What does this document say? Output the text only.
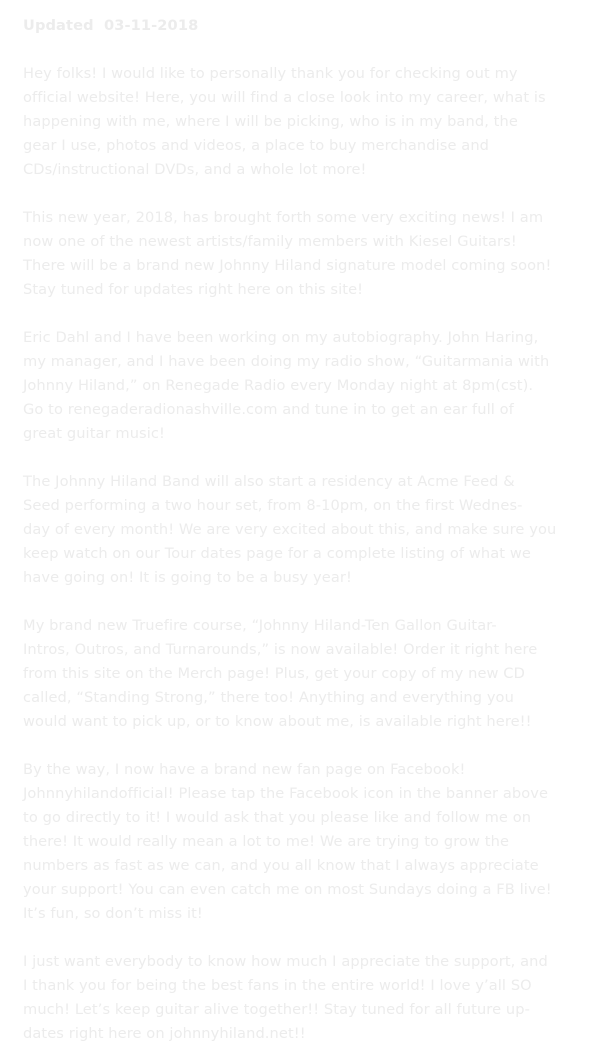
Updated  03-11-2018
Hey folks! I would like to personally thank you for checking out my
official website! Here, you will find a close look into my career, what is
happening with me, where I will be picking, who is in my band, the
gear I use, photos and videos, a place to buy merchandise and
CDs/instructional DVDs, and a whole lot more!
This new year, 2018, has brought forth some very exciting news! I am
now one of the newest artists/family members with Kiesel Guitars!
There will be a brand new Johnny Hiland signature model coming soon!
Stay tuned for updates right here on this site!
Eric Dahl and I have been working on my autobiography. John Haring,
my manager, and I have been doing my radio show, “Guitarmania with
Johnny Hiland,” on Renegade Radio every Monday night at 8pm(cst).
Go to renegaderadionashville.com and tune in to get an ear full of
great guitar music!
The Johnny Hiland Band will also start a residency at Acme Feed &
Seed performing a two hour set, from 8-10pm, on the first Wednes-
day of every month! We are very excited about this, and make sure you
keep watch on our Tour dates page for a complete listing of what we
have going on! It is going to be a busy year!
My brand new Truefire course, “Johnny Hiland-Ten Gallon Guitar-
Intros, Outros, and Turnarounds,” is now available! Order it right here
from this site on the Merch page! Plus, get your copy of my new CD
called, “Standing Strong,” there too! Anything and everything you
would want to pick up, or to know about me, is available right here!!
By the way, I now have a brand new fan page on Facebook!
Johnnyhilandofficial! Please tap the Facebook icon in the banner above
to go directly to it! I would ask that you please like and follow me on
there! It would really mean a lot to me! We are trying to grow the
numbers as fast as we can, and you all know that I always appreciate
your support! You can even catch me on most Sundays doing a FB live!
It’s fun, so don’t miss it!
I just want everybody to know how much I appreciate the support, and
I thank you for being the best fans in the entire world! I love y’all SO
much! Let’s keep guitar alive together!! Stay tuned for all future up-
dates right here on johnnyhiland.net!!
